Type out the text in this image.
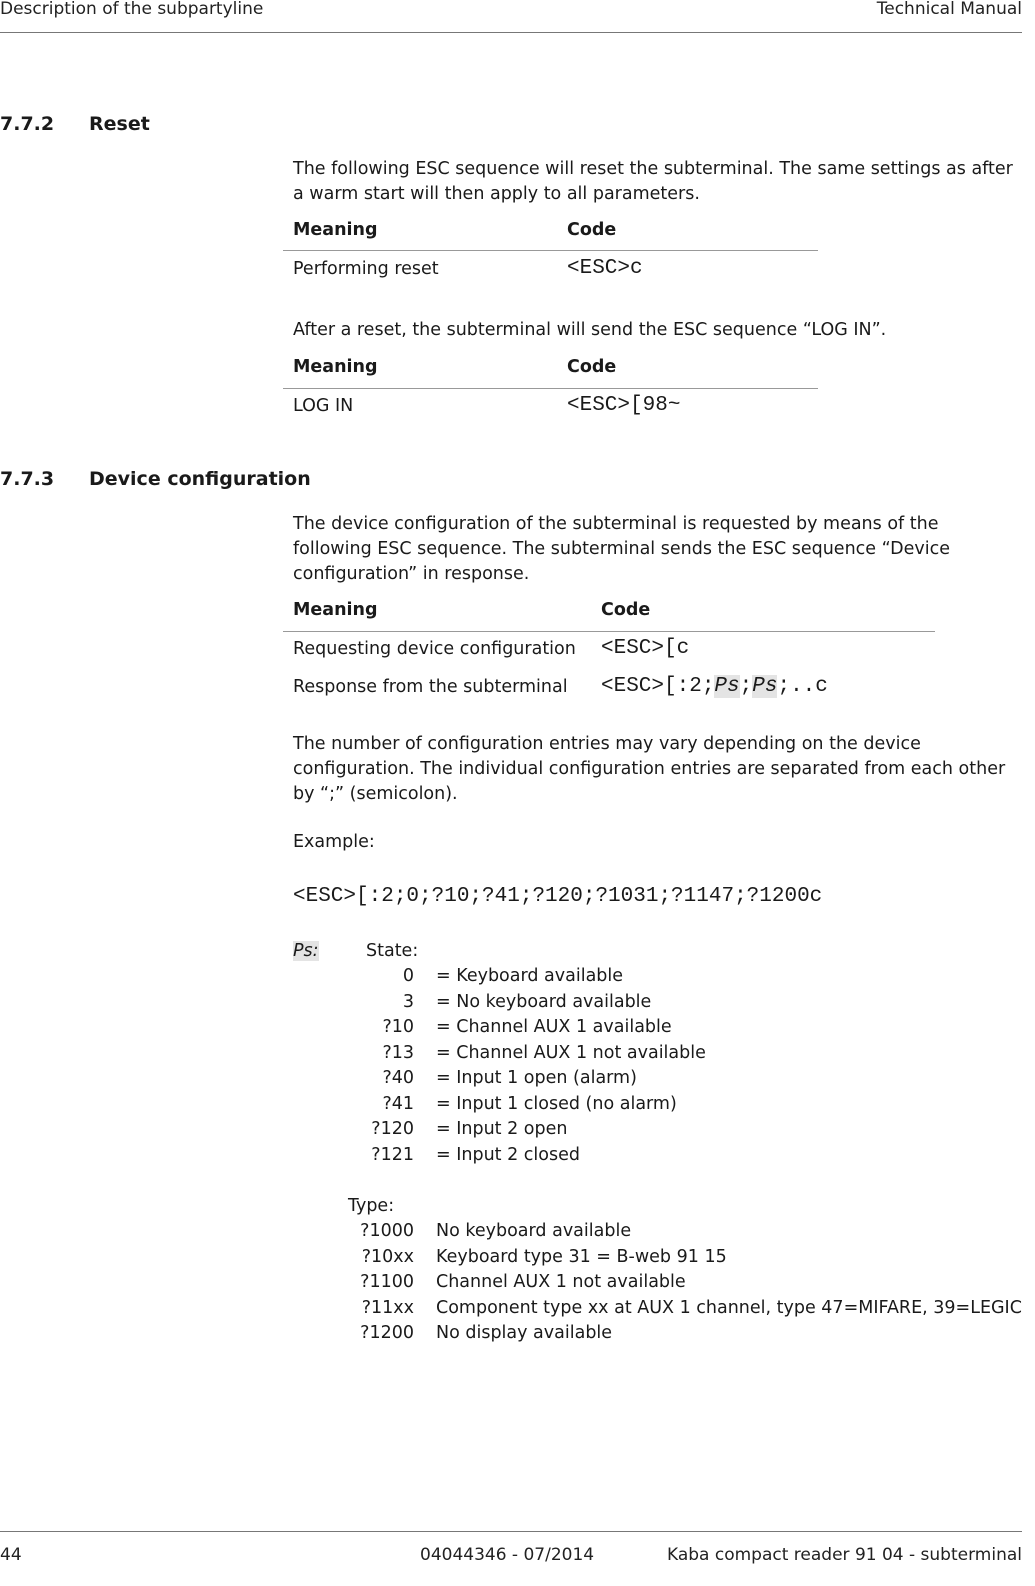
Description of the subpartyline	Technical Manual
7.7.2 Reset
The following ESC sequence will reset the subterminal. The same settings as after a warm start will then apply to all parameters.
Meaning	Code
Performing reset	<ESC>c
After a reset, the subterminal will send the ESC sequence “LOG IN”.
Meaning	Code
LOG IN	<ESC>[98~
7.7.3 Device configuration
The device configuration of the subterminal is requested by means of the following ESC sequence. The subterminal sends the ESC sequence “Device configuration” in response.
Meaning	Code
Requesting device configuration <ESC>[c
Response from the subterminal <ESC>[:2;Ps;Ps;..c
The number of configuration entries may vary depending on the device configuration. The individual configuration entries are separated from each other by “;” (semicolon).
Example:
<ESC>[:2;0;?10;?41;?120;?1031;?1147;?1200c
Ps:	State:
0 = Keyboard available
3 = No keyboard available
?10 = Channel AUX 1 available
?13 = Channel AUX 1 not available
?40 = Input 1 open (alarm)
?41 = Input 1 closed (no alarm)
?120 = Input 2 open
?121 = Input 2 closed
Type:
?1000 No keyboard available
?10xx Keyboard type 31 = B-web 91 15
?1100 Channel AUX 1 not available
?11xx Component type xx at AUX 1 channel, type 47=MIFARE, 39=LEGIC
?1200 No display available
44	04044346 - 07/2014	Kaba compact reader 91 04 - subterminal
